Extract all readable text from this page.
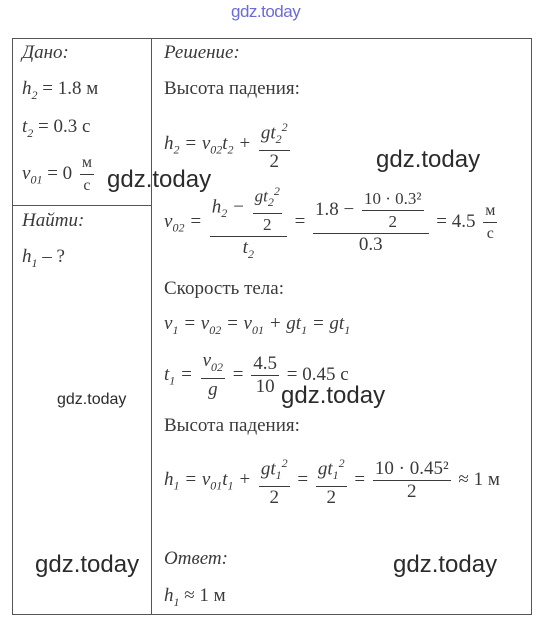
gdz.today
gdz.today
gdz.today
gdz.today	gdz.today
gdz.today	gdz.today
Дано:
$h_2 = 1.8$ м
$t_2 = 0.3$ с
$v_{01} = 0 \frac{м}{с}$
Найти:
$h_1$ – ?
Решение:
Высота падения:
$h_2 = v_{02}t_2 + \frac{gt_2^2}{2}$
$v_{02} = \frac{h_2 - \frac{gt_2^2}{2}}{t_2} = \frac{1.8 - \frac{\text{10 · 0.3²}}{2}}{0.3} = 4.5 \frac{м}{с}$
Скорость тела:
$v_1 = v_{02} = v_{01} + gt_1 = gt_1$
$t_1 = \frac{v_{02}}{g} = \frac{4.5}{10} = 0.45$ с
Высота падения:
$h_1 = v_{01}t_1 + \frac{gt_1^2}{2} = \frac{gt_1^2}{2} = \frac{\text{10 · 0.45²}}{2} \approx 1$ м
Ответ:
$h_1 \approx 1$ м
